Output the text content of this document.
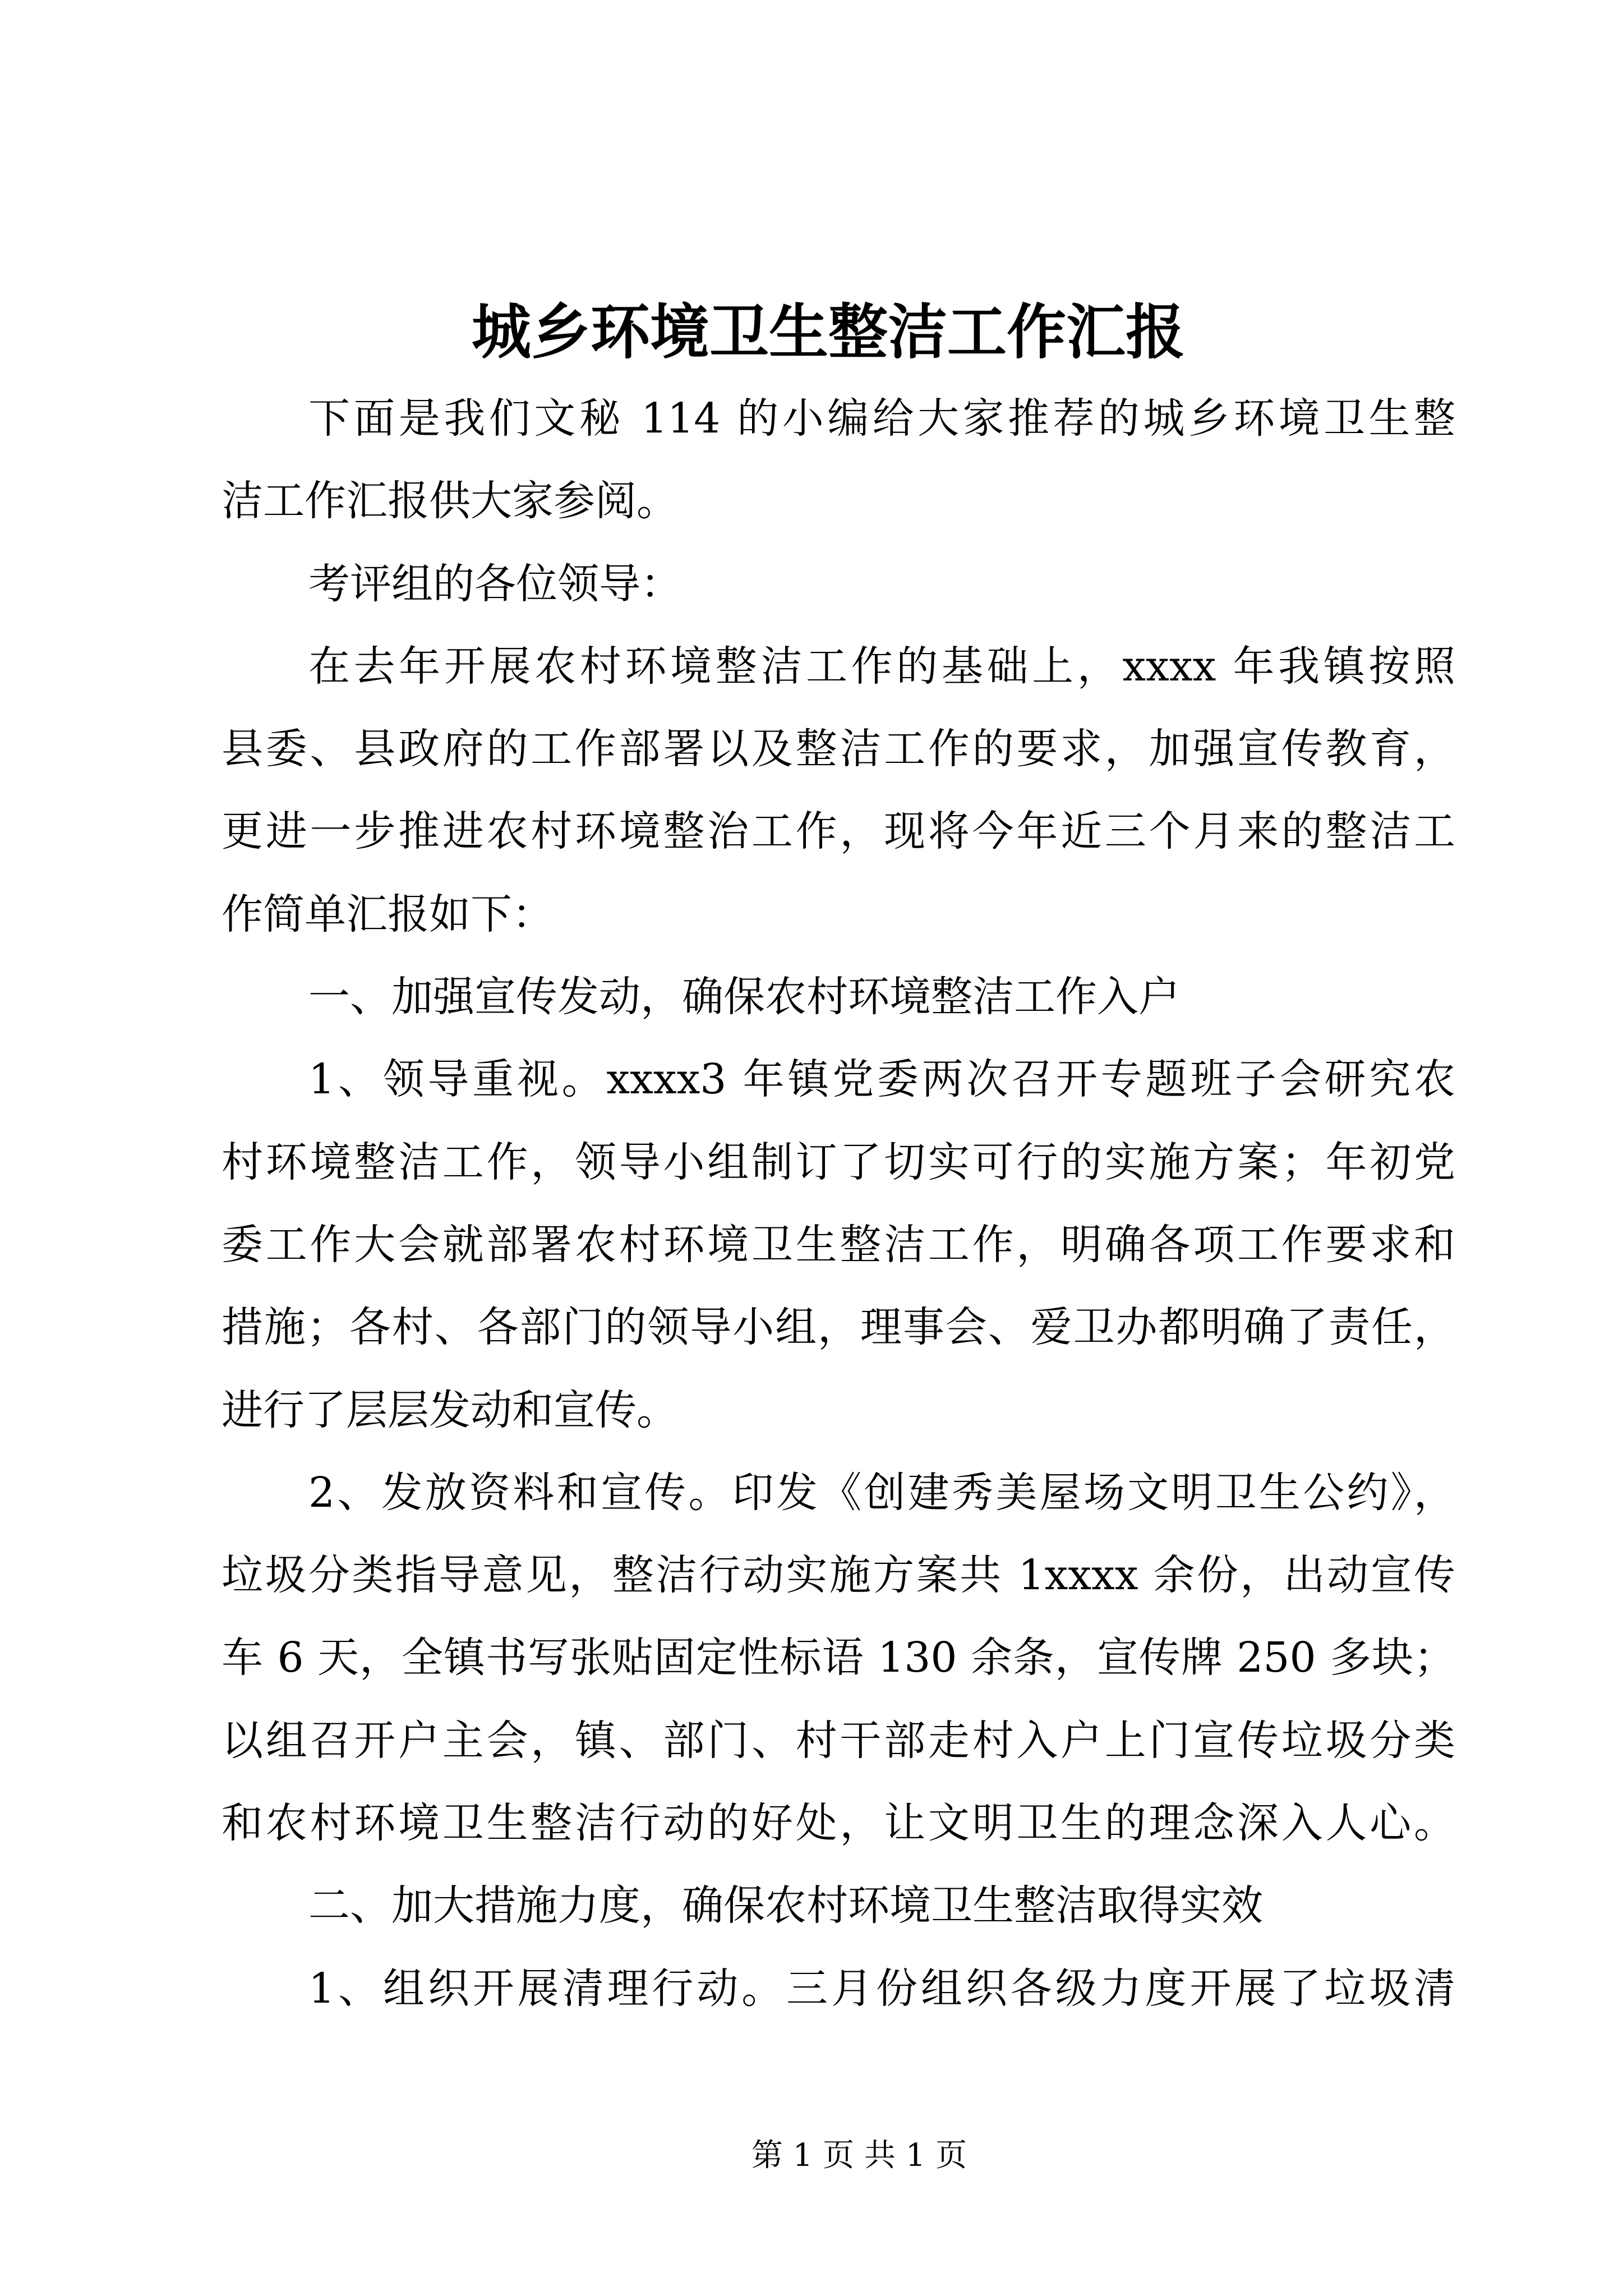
城乡环境卫生整洁工作汇报
下面是我们文秘 114 的小编给大家推荐的城乡环境卫生整
洁工作汇报供大家参阅。
考评组的各位领导：
在去年开展农村环境整洁工作的基础上，xxxx 年我镇按照
县委、县政府的工作部署以及整洁工作的要求，加强宣传教育，
更进一步推进农村环境整治工作，现将今年近三个月来的整洁工
作简单汇报如下：
一、加强宣传发动，确保农村环境整洁工作入户
1、领导重视。xxxx3 年镇党委两次召开专题班子会研究农
村环境整洁工作，领导小组制订了切实可行的实施方案；年初党
委工作大会就部署农村环境卫生整洁工作，明确各项工作要求和
措施；各村、各部门的领导小组，理事会、爱卫办都明确了责任，
进行了层层发动和宣传。
2、发放资料和宣传。印发《创建秀美屋场文明卫生公约》，
垃圾分类指导意见，整洁行动实施方案共 1xxxx 余份，出动宣传
车 6 天，全镇书写张贴固定性标语 130 余条，宣传牌 250 多块；
以组召开户主会，镇、部门、村干部走村入户上门宣传垃圾分类
和农村环境卫生整洁行动的好处，让文明卫生的理念深入人心。
二、加大措施力度，确保农村环境卫生整洁取得实效
1、组织开展清理行动。三月份组织各级力度开展了垃圾清
第 1 页 共 1 页
